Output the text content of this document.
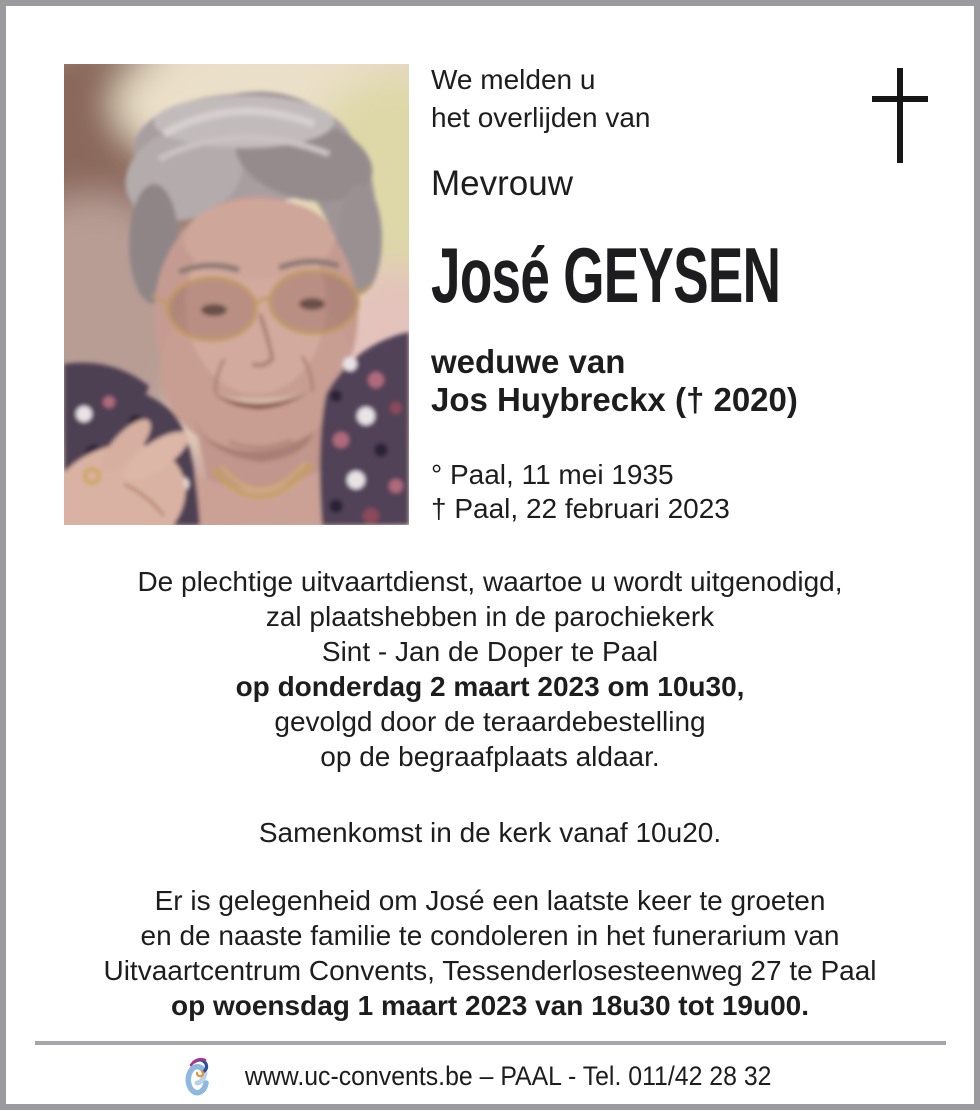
We melden u
het overlijden van
Mevrouw
José GEYSEN
weduwe van
Jos Huybreckx († 2020)
° Paal, 11 mei 1935
† Paal, 22 februari 2023
De plechtige uitvaartdienst, waartoe u wordt uitgenodigd,
zal plaatshebben in de parochiekerk
Sint - Jan de Doper te Paal
op donderdag 2 maart 2023 om 10u30,
gevolgd door de teraardebestelling
op de begraafplaats aldaar.
Samenkomst in de kerk vanaf 10u20.
Er is gelegenheid om José een laatste keer te groeten
en de naaste familie te condoleren in het funerarium van
Uitvaartcentrum Convents, Tessenderlosesteenweg 27 te Paal
op woensdag 1 maart 2023 van 18u30 tot 19u00.
www.uc-convents.be – PAAL - Tel. 011/42 28 32
